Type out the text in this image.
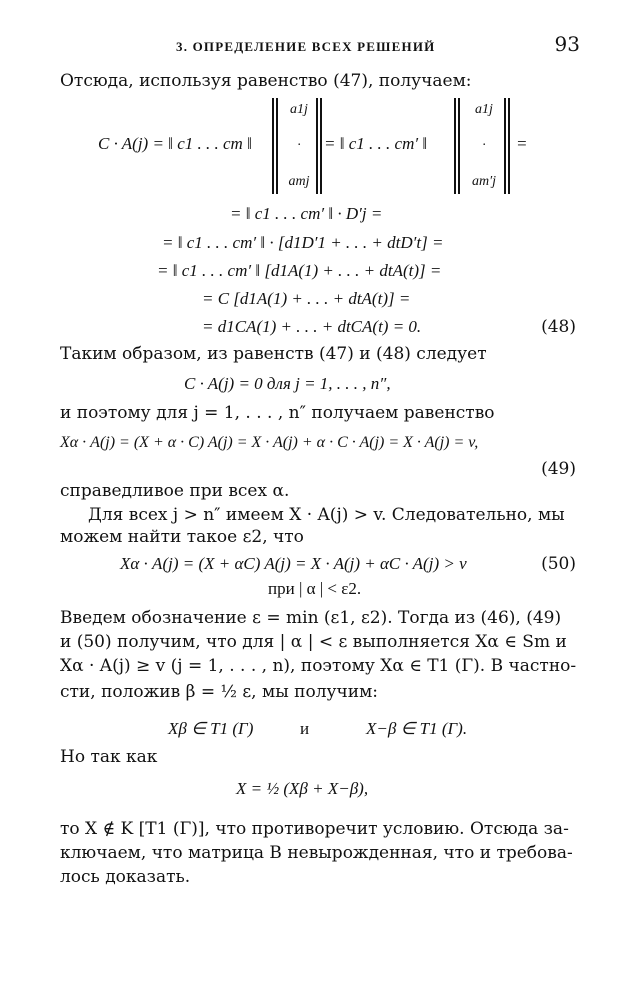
3. ОПРЕДЕЛЕНИЕ ВСЕХ РЕШЕНИЙ	93
Отсюда, используя равенство (47), получаем:
C · A(j) = ‖ c1 . . . cm ‖
a1j
·
amj
= ‖ c1 . . . cm′ ‖
a1j
·
am′j
=
= ‖ c1 . . . cm′ ‖ · D′j =
= ‖ c1 . . . cm′ ‖ · [d1D′1 + . . . + dtD′t] =
= ‖ c1 . . . cm′ ‖ [d1A(1) + . . . + dtA(t)] =
= C [d1A(1) + . . . + dtA(t)] =
= d1CA(1) + . . . + dtCA(t) = 0.	(48)
Таким образом, из равенств (47) и (48) следует
C · A(j) = 0 для j = 1, . . . , n″,
и поэтому для j = 1, . . . , n″ получаем равенство
Xα · A(j) = (X + α · C) A(j) = X · A(j) + α · C · A(j) = X · A(j) = v,
(49)
справедливое при всех α.
Для всех j > n″ имеем X · A(j) > v. Следовательно, мы
можем найти такое ε2, что
Xα · A(j) = (X + αC) A(j) = X · A(j) + αC · A(j) > v	(50)
при | α | < ε2.
Введем обозначение ε = min (ε1, ε2). Тогда из (46), (49)
и (50) получим, что для | α | < ε выполняется Xα ∈ Sm и
Xα · A(j) ≥ v (j = 1, . . . , n), поэтому Xα ∈ T1 (Γ). В частно-
сти, положив β = ½ ε, мы получим:
Xβ ∈ T1 (Γ)	и	X−β ∈ T1 (Γ).
Но так как
X = ½ (Xβ + X−β),
то X ∉ K [T1 (Γ)], что противоречит условию. Отсюда за-
ключаем, что матрица B невырожденная, что и требова-
лось доказать.
